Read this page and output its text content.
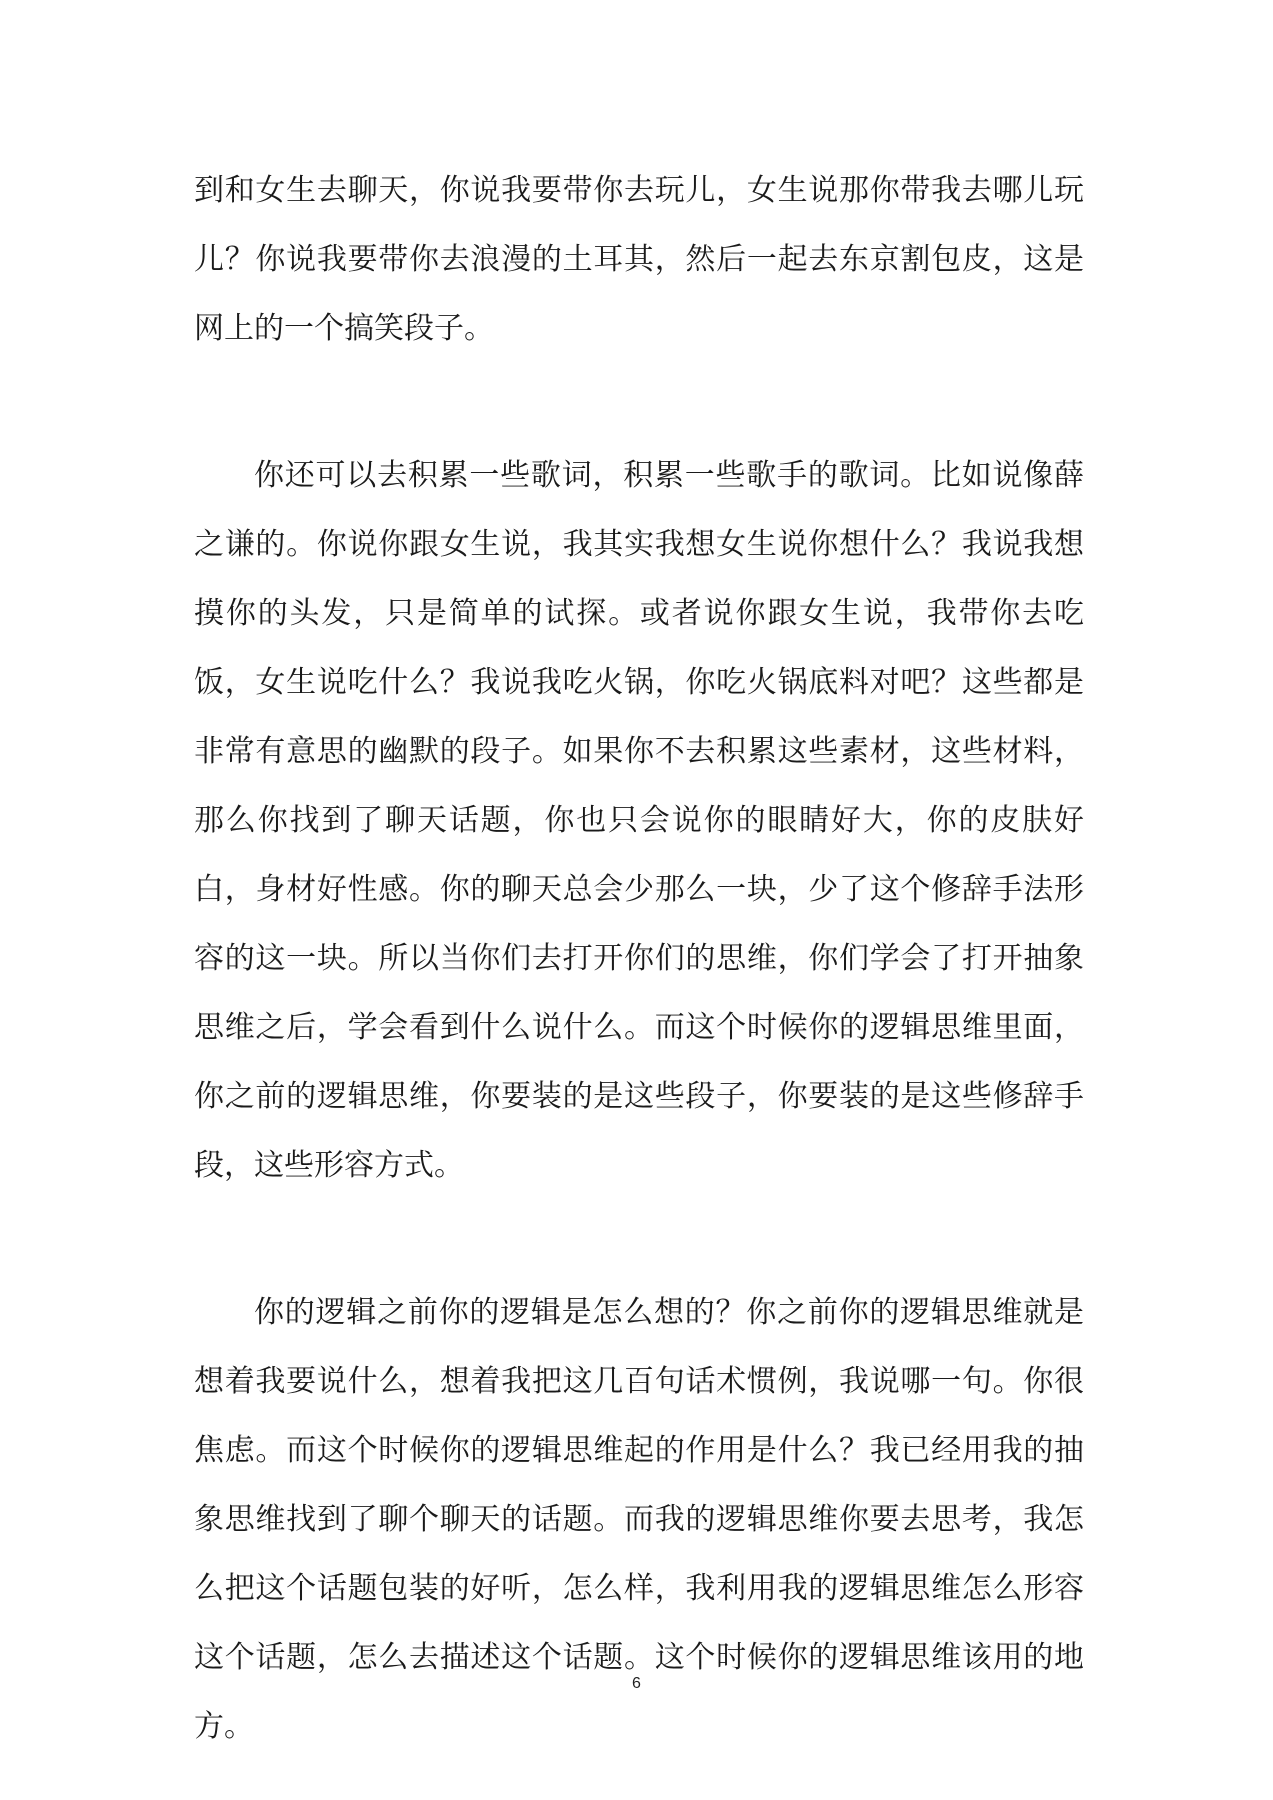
到和女生去聊天，你说我要带你去玩儿，女生说那你带我去哪儿玩儿？你说我要带你去浪漫的土耳其，然后一起去东京割包皮，这是网上的一个搞笑段子。

你还可以去积累一些歌词，积累一些歌手的歌词。比如说像薛之谦的。你说你跟女生说，我其实我想女生说你想什么？我说我想摸你的头发，只是简单的试探。或者说你跟女生说，我带你去吃饭，女生说吃什么？我说我吃火锅，你吃火锅底料对吧？这些都是非常有意思的幽默的段子。如果你不去积累这些素材，这些材料，那么你找到了聊天话题，你也只会说你的眼睛好大，你的皮肤好白，身材好性感。你的聊天总会少那么一块，少了这个修辞手法形容的这一块。所以当你们去打开你们的思维，你们学会了打开抽象思维之后，学会看到什么说什么。而这个时候你的逻辑思维里面，你之前的逻辑思维，你要装的是这些段子，你要装的是这些修辞手段，这些形容方式。

你的逻辑之前你的逻辑是怎么想的？你之前你的逻辑思维就是想着我要说什么，想着我把这几百句话术惯例，我说哪一句。你很焦虑。而这个时候你的逻辑思维起的作用是什么？我已经用我的抽象思维找到了聊个聊天的话题。而我的逻辑思维你要去思考，我怎么把这个话题包装的好听，怎么样，我利用我的逻辑思维怎么形容这个话题，怎么去描述这个话题。这个时候你的逻辑思维该用的地方。

6
